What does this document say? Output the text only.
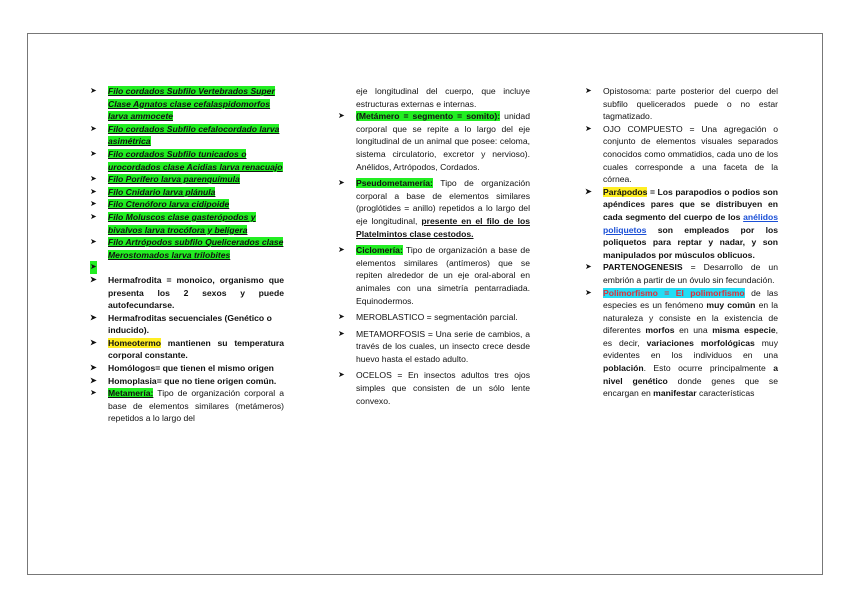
➤ Filo cordados Subfilo Vertebrados Super Clase Agnatos clase cefalaspidomorfos larva ammocete

➤ Filo cordados Subfilo cefalocordado larva asimétrica

➤ Filo cordados Subfilo tunicados o urocordados clase Acidias larva renacuajo

➤ Filo Porífero larva parenquímula

➤ Filo Cnidario larva plánula

➤ Filo Ctenóforo larva cidipoide

➤ Filo Moluscos clase gasterópodos y bivalvos larva trocófora y belígera

➤ Filo Artrópodos subfilo Quelicerados clase Merostomados larva trilobites

➤

➤ Hermafrodita = monoico, organismo que presenta los 2 sexos y puede autofecundarse.

➤ Hermafroditas secuenciales (Genético o inducido).

➤ Homeotermo mantienen su temperatura corporal constante.

➤ Homólogos= que tienen el mismo origen

➤ Homoplasia= que no tiene origen común.

➤ Metamería: Tipo de organización corporal a base de elementos similares (metámeros) repetidos a lo largo del

eje longitudinal del cuerpo, que incluye estructuras externas e internas.

➤ (Metámero = segmento = somito): unidad corporal que se repite a lo largo del eje longitudinal de un animal que posee: celoma, sistema circulatorio, excretor y nervioso). Anélidos, Artrópodos, Cordados.

➤ Pseudometamería: Tipo de organización corporal a base de elementos similares (proglótides = anillo) repetidos a lo largo del eje longitudinal, presente en el filo de los Platelmintos clase cestodos.

➤ Ciclomería: Tipo de organización a base de elementos similares (antímeros) que se repiten alrededor de un eje oral-aboral en animales con una simetría pentarradiada. Equinodermos.

➤ MEROBLASTICO = segmentación parcial.

➤ METAMORFOSIS = Una serie de cambios, a través de los cuales, un insecto crece desde huevo hasta el estado adulto.

➤ OCELOS = En insectos adultos tres ojos simples que consisten de un sólo lente convexo.

➤ Opistosoma: parte posterior del cuerpo del subfilo quelicerados puede o no estar tagmatizado.

➤ OJO COMPUESTO = Una agregación o conjunto de elementos visuales separados conocidos como ommatidios, cada uno de los cuales corresponde a una faceta de la córnea.

➤ Parápodos = Los parapodios o podios son apéndices pares que se distribuyen en cada segmento del cuerpo de los anélidos poliquetos son empleados por los poliquetos para reptar y nadar, y son manipulados por músculos oblicuos.

➤ PARTENOGENESIS = Desarrollo de un embrión a partir de un óvulo sin fecundación.

➤ Polimorfismo = El polimorfismo de las especies es un fenómeno muy común en la naturaleza y consiste en la existencia de diferentes morfos en una misma especie, es decir, variaciones morfológicas muy evidentes en los individuos en una población. Esto ocurre principalmente a nivel genético donde genes que se encargan en manifestar características
